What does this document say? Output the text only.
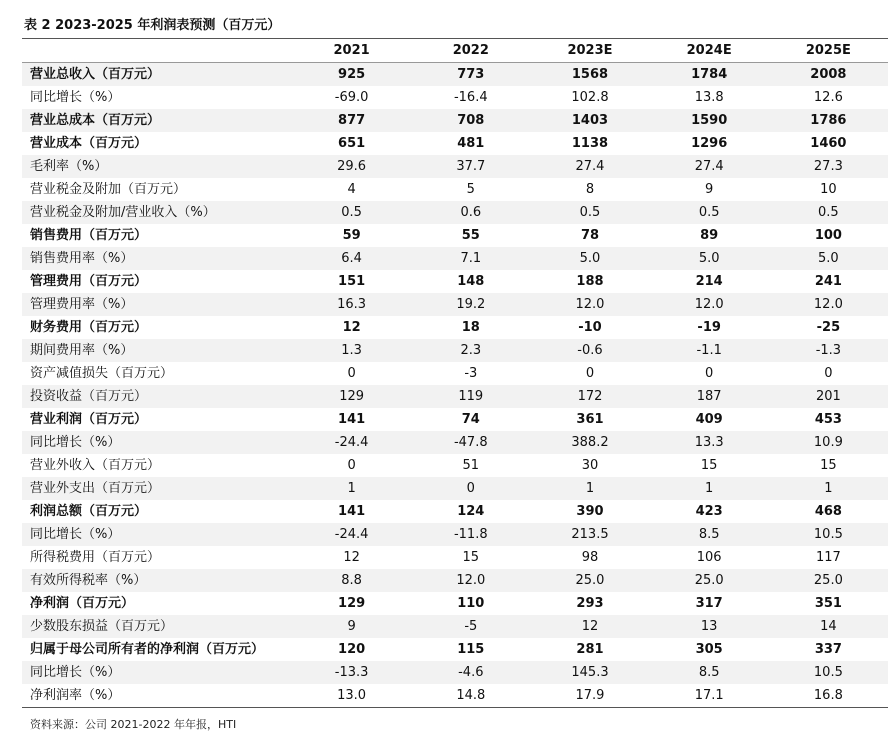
表 2 2023-2025 年利润表预测（百万元）
	2021	2022	2023E	2024E	2025E
营业总收入（百万元）	925	773	1568	1784	2008
同比增长（%）	-69.0	-16.4	102.8	13.8	12.6
营业总成本（百万元）	877	708	1403	1590	1786
营业成本（百万元）	651	481	1138	1296	1460
毛利率（%）	29.6	37.7	27.4	27.4	27.3
营业税金及附加（百万元）	4	5	8	9	10
营业税金及附加/营业收入（%）	0.5	0.6	0.5	0.5	0.5
销售费用（百万元）	59	55	78	89	100
销售费用率（%）	6.4	7.1	5.0	5.0	5.0
管理费用（百万元）	151	148	188	214	241
管理费用率（%）	16.3	19.2	12.0	12.0	12.0
财务费用（百万元）	12	18	-10	-19	-25
期间费用率（%）	1.3	2.3	-0.6	-1.1	-1.3
资产减值损失（百万元）	0	-3	0	0	0
投资收益（百万元）	129	119	172	187	201
营业利润（百万元）	141	74	361	409	453
同比增长（%）	-24.4	-47.8	388.2	13.3	10.9
营业外收入（百万元）	0	51	30	15	15
营业外支出（百万元）	1	0	1	1	1
利润总额（百万元）	141	124	390	423	468
同比增长（%）	-24.4	-11.8	213.5	8.5	10.5
所得税费用（百万元）	12	15	98	106	117
有效所得税率（%）	8.8	12.0	25.0	25.0	25.0
净利润（百万元）	129	110	293	317	351
少数股东损益（百万元）	9	-5	12	13	14
归属于母公司所有者的净利润（百万元）	120	115	281	305	337
同比增长（%）	-13.3	-4.6	145.3	8.5	10.5
净利润率（%）	13.0	14.8	17.9	17.1	16.8
资料来源：公司 2021-2022 年年报，HTI
